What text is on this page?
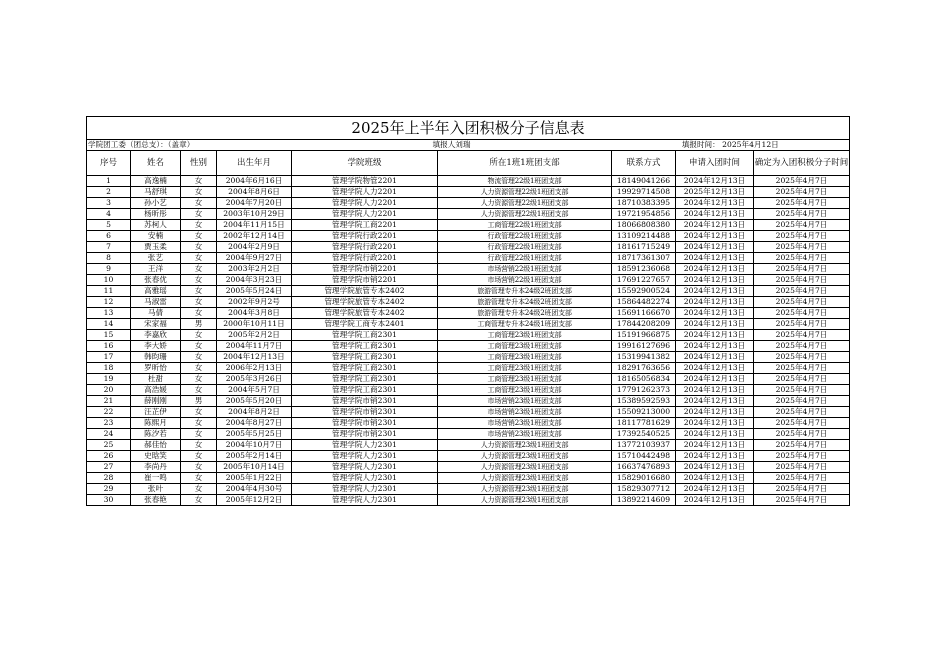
2025年上半年入团积极分子信息表								
学院团工委（团总支）：（盖章）				填报人刘瑞		填报时间： 2025年4月12日		
序号	姓名	性别	出生年月	学院班级	所在1班1班团支部	联系方式	申请入团时间	确定为入团积极分子时间
1	高逸楠	女	2004年6月16日	管理学院物管2201	物流管理22级1班团支部	18149041266	2024年12月13日	2025年4月7日
2	马舒琪	女	2004年8月6日	管理学院人力2201	人力资源管理22级1班团支部	19929714508	2025年12月13日	2025年4月7日
3	孙小艺	女	2004年7月20日	管理学院人力2201	人力资源管理22级1班团支部	18710383395	2024年12月13日	2025年4月7日
4	杨昕彤	女	2003年10月29日	管理学院人力2201	人力资源管理22级1班团支部	19721954856	2024年12月13日	2025年4月7日
5	苏柯人	女	2004年11月15日	管理学院工商2201	工商管理22级1班团支部	18066808380	2024年12月13日	2025年4月7日
6	安楠	女	2002年12月14日	管理学院行政2201	行政管理22级1班团支部	13109214488	2024年12月13日	2025年4月7日
7	贾玉柔	女	2004年2月9日	管理学院行政2201	行政管理22级1班团支部	18161715249	2024年12月13日	2025年4月7日
8	张艺	女	2004年9月27日	管理学院行政2201	行政管理22级1班团支部	18717361307	2024年12月13日	2025年4月7日
9	王洋	女	2003年2月2日	管理学院市销2201	市场营销22级1班团支部	18591236068	2024年12月13日	2025年4月7日
10	张春优	女	2004年3月23日	管理学院市销2201	市场营销22级1班团支部	17691227657	2024年12月13日	2025年4月7日
11	高雅瑶	女	2005年5月24日	管理学院旅管专本2402	旅游管理专升本24级2班团支部	15592900524	2024年12月13日	2025年4月7日
12	马淑雷	女	2002年9月2号	管理学院旅管专本2402	旅游管理专升本24级2班团支部	15864482274	2024年12月13日	2025年4月7日
13	马倩	女	2004年3月8日	管理学院旅管专本2402	旅游管理专升本24级2班团支部	15691166670	2024年12月13日	2025年4月7日
14	宋家福	男	2000年10月11日	管理学院工商专本2401	工商管理专升本24级1班团支部	17844208209	2024年12月13日	2025年4月7日
15	李嘉欣	女	2005年2月2日	管理学院工商2301	工商管理23级1班团支部	15191966875	2024年12月13日	2025年4月7日
16	李大娇	女	2004年11月7日	管理学院工商2301	工商管理23级1班团支部	19916127696	2024年12月13日	2025年4月7日
17	韩昀珊	女	2004年12月13日	管理学院工商2301	工商管理23级1班团支部	15319941382	2024年12月13日	2025年4月7日
18	罗昕怡	女	2006年2月13日	管理学院工商2301	工商管理23级1班团支部	18291763656	2024年12月13日	2025年4月7日
19	杜甜	女	2005年3月26日	管理学院工商2301	工商管理23级1班团支部	18165056834	2024年12月13日	2025年4月7日
20	高浩媛	女	2004年5月7日	管理学院工商2301	工商管理23级1班团支部	17791262373	2024年12月13日	2025年4月7日
21	薛刚刚	男	2005年5月20日	管理学院市销2301	市场营销23级1班团支部	15389592593	2024年12月13日	2025年4月7日
22	汪芷伊	女	2004年8月2日	管理学院市销2301	市场营销23级1班团支部	15509213000	2024年12月13日	2025年4月7日
23	陈熙月	女	2004年8月27日	管理学院市销2301	市场营销23级1班团支部	18117781629	2024年12月13日	2025年4月7日
24	陈汐若	女	2005年5月25日	管理学院市销2301	市场营销23级1班团支部	17392540525	2024年12月13日	2025年4月7日
25	郝佳怡	女	2004年10月7日	管理学院人力2301	人力资源管理23级1班团支部	13772103937	2024年12月13日	2025年4月7日
26	史晗笑	女	2005年2月14日	管理学院人力2301	人力资源管理23级1班团支部	15710442498	2024年12月13日	2025年4月7日
27	李尚丹	女	2005年10月14日	管理学院人力2301	人力资源管理23级1班团支部	16637476893	2024年12月13日	2025年4月7日
28	崔一鸣	女	2005年1月22日	管理学院人力2301	人力资源管理23级1班团支部	15829016680	2024年12月13日	2025年4月7日
29	张叶	女	2004年4月30号	管理学院人力2301	人力资源管理23级1班团支部	15829307712	2024年12月13日	2025年4月7日
30	张春艳	女	2005年12月2日	管理学院人力2301	人力资源管理23级1班团支部	13892214609	2024年12月13日	2025年4月7日
